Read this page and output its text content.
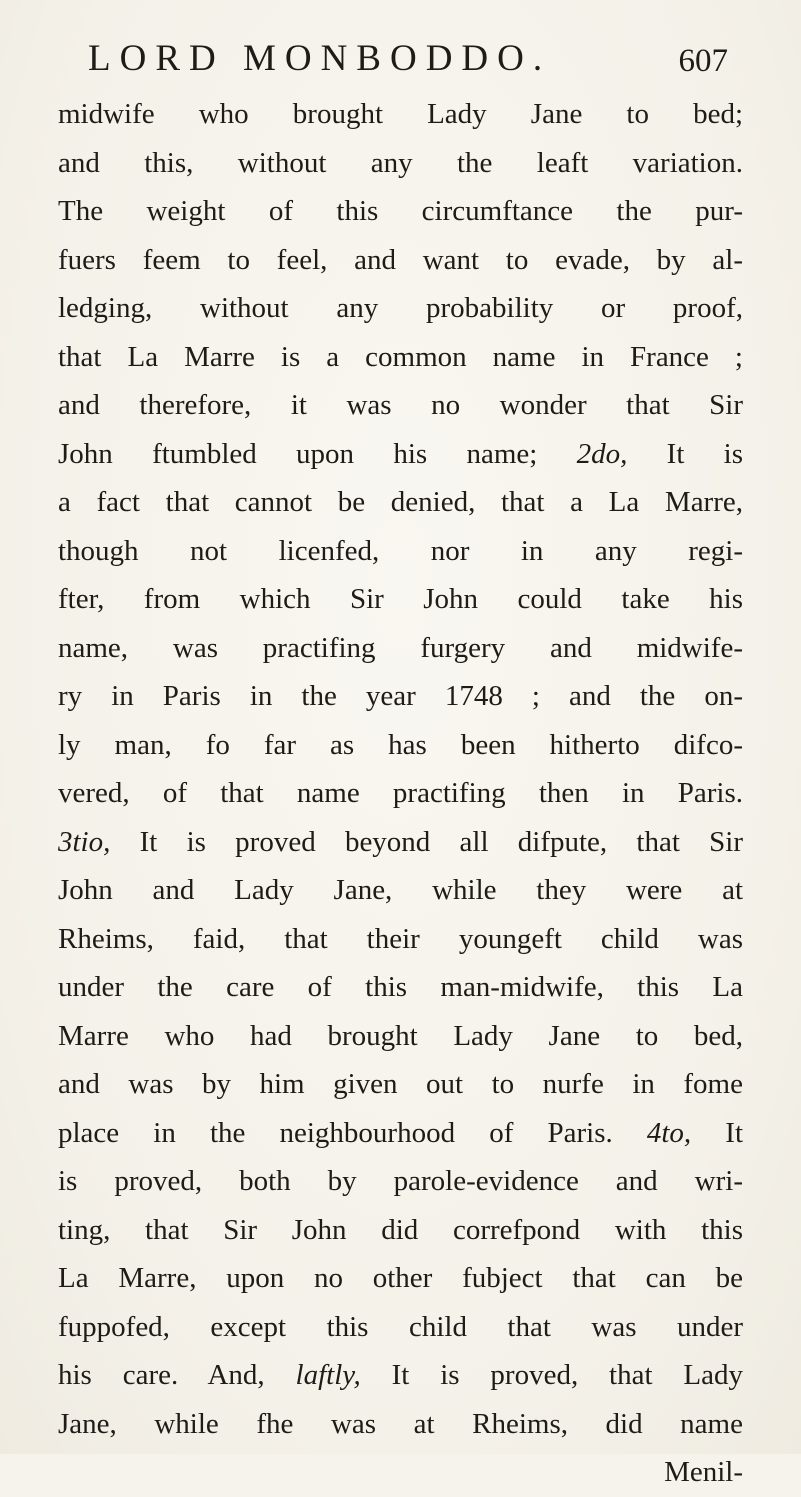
LORD MONBODDO.	607
midwife who brought Lady Jane to bed;
and this, without any the leaft variation.
The weight of this circumftance the pur-
fuers feem to feel, and want to evade, by al-
ledging, without any probability or proof,
that La Marre is a common name in France ;
and therefore, it was no wonder that Sir
John ftumbled upon his name; 2do, It is
a fact that cannot be denied, that a La Marre,
though not licenfed, nor in any regi-
fter, from which Sir John could take his
name, was practifing furgery and midwife-
ry in Paris in the year 1748 ; and the on-
ly man, fo far as has been hitherto difco-
vered, of that name practifing then in Paris.
3tio, It is proved beyond all difpute, that Sir
John and Lady Jane, while they were at
Rheims, faid, that their youngeft child was
under the care of this man-midwife, this La
Marre who had brought Lady Jane to bed,
and was by him given out to nurfe in fome
place in the neighbourhood of Paris. 4to, It
is proved, both by parole-evidence and wri-
ting, that Sir John did correfpond with this
La Marre, upon no other fubject that can be
fuppofed, except this child that was under
his care. And, laftly, It is proved, that Lady
Jane, while fhe was at Rheims, did name
Menil-
